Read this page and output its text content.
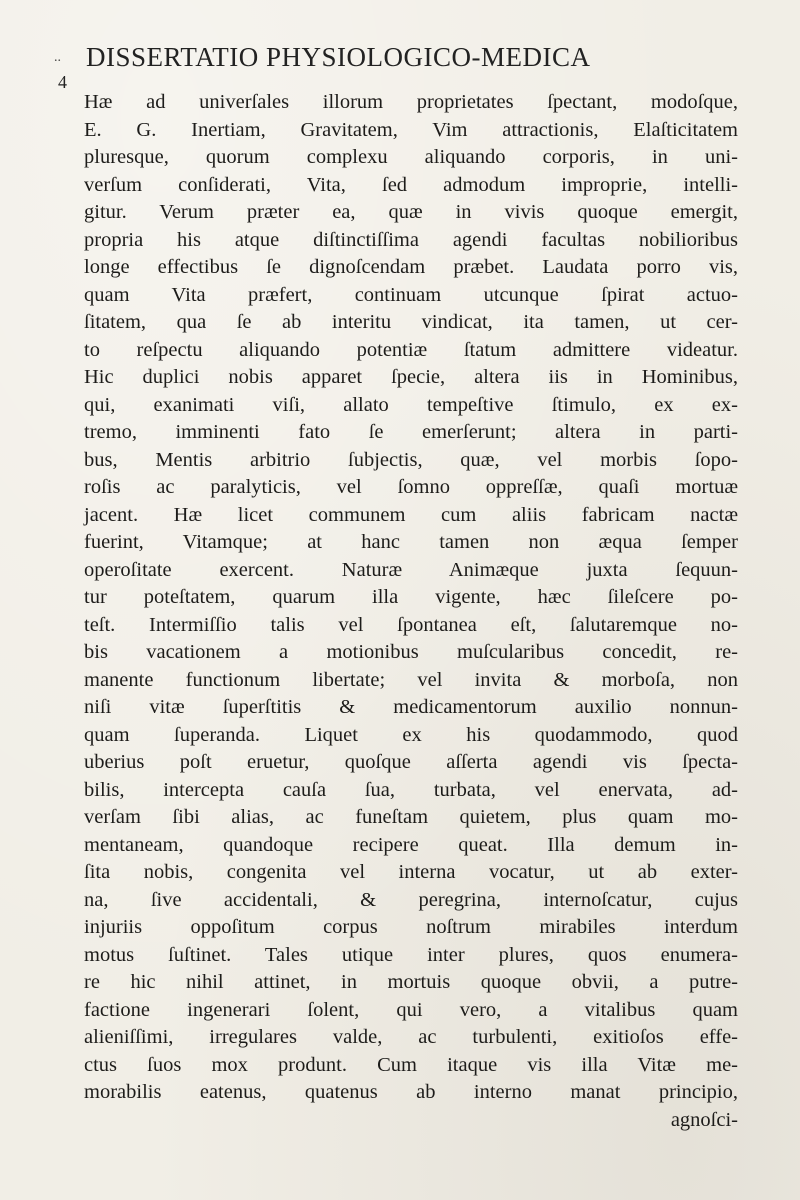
.. DISSERTATIO PHYSIOLOGICO-MEDICA
4
Hæ ad univerſales illorum proprietates ſpectant, modoſque,
E. G. Inertiam, Gravitatem, Vim attractionis, Elaſticitatem
pluresque, quorum complexu aliquando corporis, in uni-
verſum conſiderati, Vita, ſed admodum improprie, intelli-
gitur. Verum præter ea, quæ in vivis quoque emergit,
propria his atque diſtinctiſſima agendi facultas nobilioribus
longe effectibus ſe dignoſcendam præbet. Laudata porro vis,
quam Vita præfert, continuam utcunque ſpirat actuo-
ſitatem, qua ſe ab interitu vindicat, ita tamen, ut cer-
to reſpectu aliquando potentiæ ſtatum admittere videatur.
Hic duplici nobis apparet ſpecie, altera iis in Hominibus,
qui, exanimati viſi, allato tempeſtive ſtimulo, ex ex-
tremo, imminenti fato ſe emerſerunt; altera in parti-
bus, Mentis arbitrio ſubjectis, quæ, vel morbis ſopo-
roſis ac paralyticis, vel ſomno oppreſſæ, quaſi mortuæ
jacent. Hæ licet communem cum aliis fabricam nactæ
fuerint, Vitamque; at hanc tamen non æqua ſemper
operoſitate exercent. Naturæ Animæque juxta ſequun-
tur poteſtatem, quarum illa vigente, hæc ſileſcere po-
teſt. Intermiſſio talis vel ſpontanea eſt, ſalutaremque no-
bis vacationem a motionibus muſcularibus concedit, re-
manente functionum libertate; vel invita & morboſa, non
niſi vitæ ſuperſtitis & medicamentorum auxilio nonnun-
quam ſuperanda. Liquet ex his quodammodo, quod
uberius poſt eruetur, quoſque aſſerta agendi vis ſpecta-
bilis, intercepta cauſa ſua, turbata, vel enervata, ad-
verſam ſibi alias, ac funeſtam quietem, plus quam mo-
mentaneam, quandoque recipere queat. Illa demum in-
ſita nobis, congenita vel interna vocatur, ut ab exter-
na, ſive accidentali, & peregrina, internoſcatur, cujus
injuriis oppoſitum corpus noſtrum mirabiles interdum
motus ſuſtinet. Tales utique inter plures, quos enumera-
re hic nihil attinet, in mortuis quoque obvii, a putre-
factione ingenerari ſolent, qui vero, a vitalibus quam
alieniſſimi, irregulares valde, ac turbulenti, exitioſos effe-
ctus ſuos mox produnt. Cum itaque vis illa Vitæ me-
morabilis eatenus, quatenus ab interno manat principio,
agnoſci-
